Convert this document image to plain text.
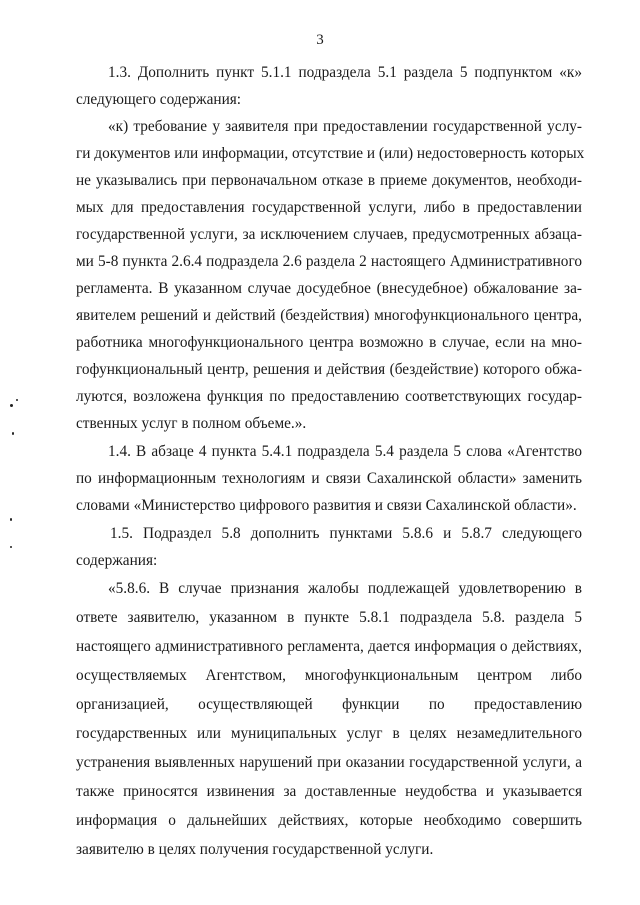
3
1.3. Дополнить пункт 5.1.1 подраздела 5.1 раздела 5 подпунктом «к»
следующего содержания:
«к) требование у заявителя при предоставлении государственной услу-
ги документов или информации, отсутствие и (или) недостоверность которых
не указывались при первоначальном отказе в приеме документов, необходи-
мых для предоставления государственной услуги, либо в предоставлении
государственной услуги, за исключением случаев, предусмотренных абзаца-
ми 5-8 пункта 2.6.4 подраздела 2.6 раздела 2 настоящего Административного
регламента. В указанном случае досудебное (внесудебное) обжалование за-
явителем решений и действий (бездействия) многофункционального центра,
работника многофункционального центра возможно в случае, если на мно-
гофункциональный центр, решения и действия (бездействие) которого обжа-
луются, возложена функция по предоставлению соответствующих государ-
ственных услуг в полном объеме.».
1.4. В абзаце 4 пункта 5.4.1 подраздела 5.4 раздела 5 слова «Агентство
по информационным технологиям и связи Сахалинской области» заменить
словами «Министерство цифрового развития и связи Сахалинской области».
1.5. Подраздел 5.8 дополнить пунктами 5.8.6 и 5.8.7 следующего
содержания:
«5.8.6. В случае признания жалобы подлежащей удовлетворению в
ответе заявителю, указанном в пункте 5.8.1 подраздела 5.8. раздела 5
настоящего административного регламента, дается информация о действиях,
осуществляемых Агентством, многофункциональным центром либо
организацией, осуществляющей функции по предоставлению
государственных или муниципальных услуг в целях незамедлительного
устранения выявленных нарушений при оказании государственной услуги, а
также приносятся извинения за доставленные неудобства и указывается
информация о дальнейших действиях, которые необходимо совершить
заявителю в целях получения государственной услуги.
